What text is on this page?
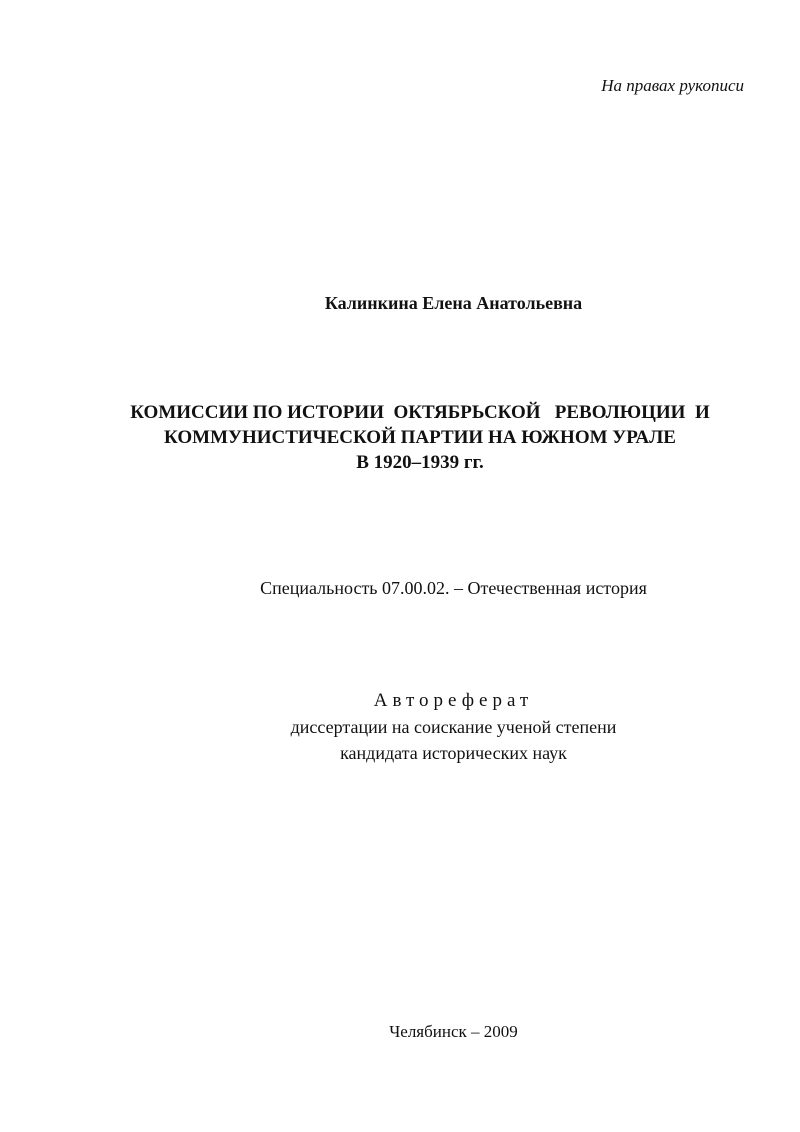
На правах рукописи
Калинкина Елена Анатольевна
КОМИССИИ ПО ИСТОРИИ  ОКТЯБРЬСКОЙ   РЕВОЛЮЦИИ  И
КОММУНИСТИЧЕСКОЙ ПАРТИИ НА ЮЖНОМ УРАЛЕ
В 1920–1939 гг.
Специальность 07.00.02. – Отечественная история
Автореферат
диссертации на соискание ученой степени
кандидата исторических наук
Челябинск – 2009
